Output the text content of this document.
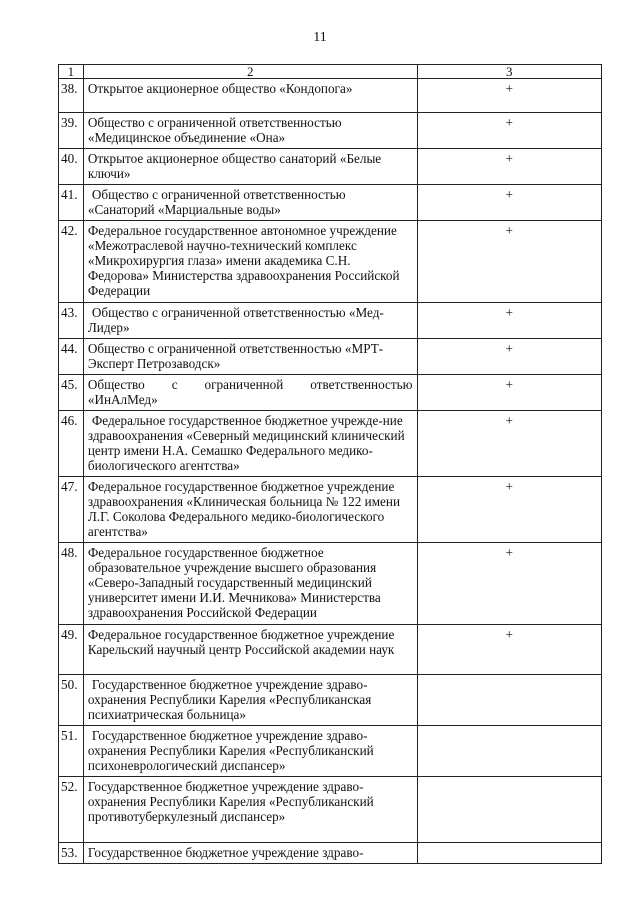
11
1	2	3
38.	Открытое акционерное общество «Кондопога»	+
39.	Общество с ограниченной ответственностью «Медицинское объединение «Она»	+
40.	Открытое акционерное общество санаторий «Белые ключи»	+
41.	Общество с ограниченной ответственностью «Санаторий «Марциальные воды»	+
42.	Федеральное государственное автономное учреждение «Межотраслевой научно-технический комплекс «Микрохирургия глаза» имени академика С.Н. Федорова» Министерства здравоохранения Российской Федерации	+
43.	Общество с ограниченной ответственностью «Мед-Лидер»	+
44.	Общество с ограниченной ответственностью «МРТ-Эксперт Петрозаводск»	+
45.	Общество с ограниченной ответственностью «ИнАлМед»	+
46.	Федеральное государственное бюджетное учрежде-ние здравоохранения «Северный медицинский клинический центр имени Н.А. Семашко Федерального медико-биологического агентства»	+
47.	Федеральное государственное бюджетное учреждение здравоохранения «Клиническая больница № 122 имени Л.Г. Соколова Федерального медико-биологического агентства»	+
48.	Федеральное государственное бюджетное образовательное учреждение высшего образования «Северо-Западный государственный медицинский университет имени И.И. Мечникова» Министерства здравоохранения Российской Федерации	+
49.	Федеральное государственное бюджетное учреждение Карельский научный центр Российской академии наук	+
50.	Государственное бюджетное учреждение здраво-охранения Республики Карелия «Республиканская психиатрическая больница»	
51.	Государственное бюджетное учреждение здраво-охранения Республики Карелия «Республиканский психоневрологический диспансер»	
52.	Государственное бюджетное учреждение здраво-охранения Республики Карелия «Республиканский противотуберкулезный диспансер»	
53.	Государственное бюджетное учреждение здраво-	
